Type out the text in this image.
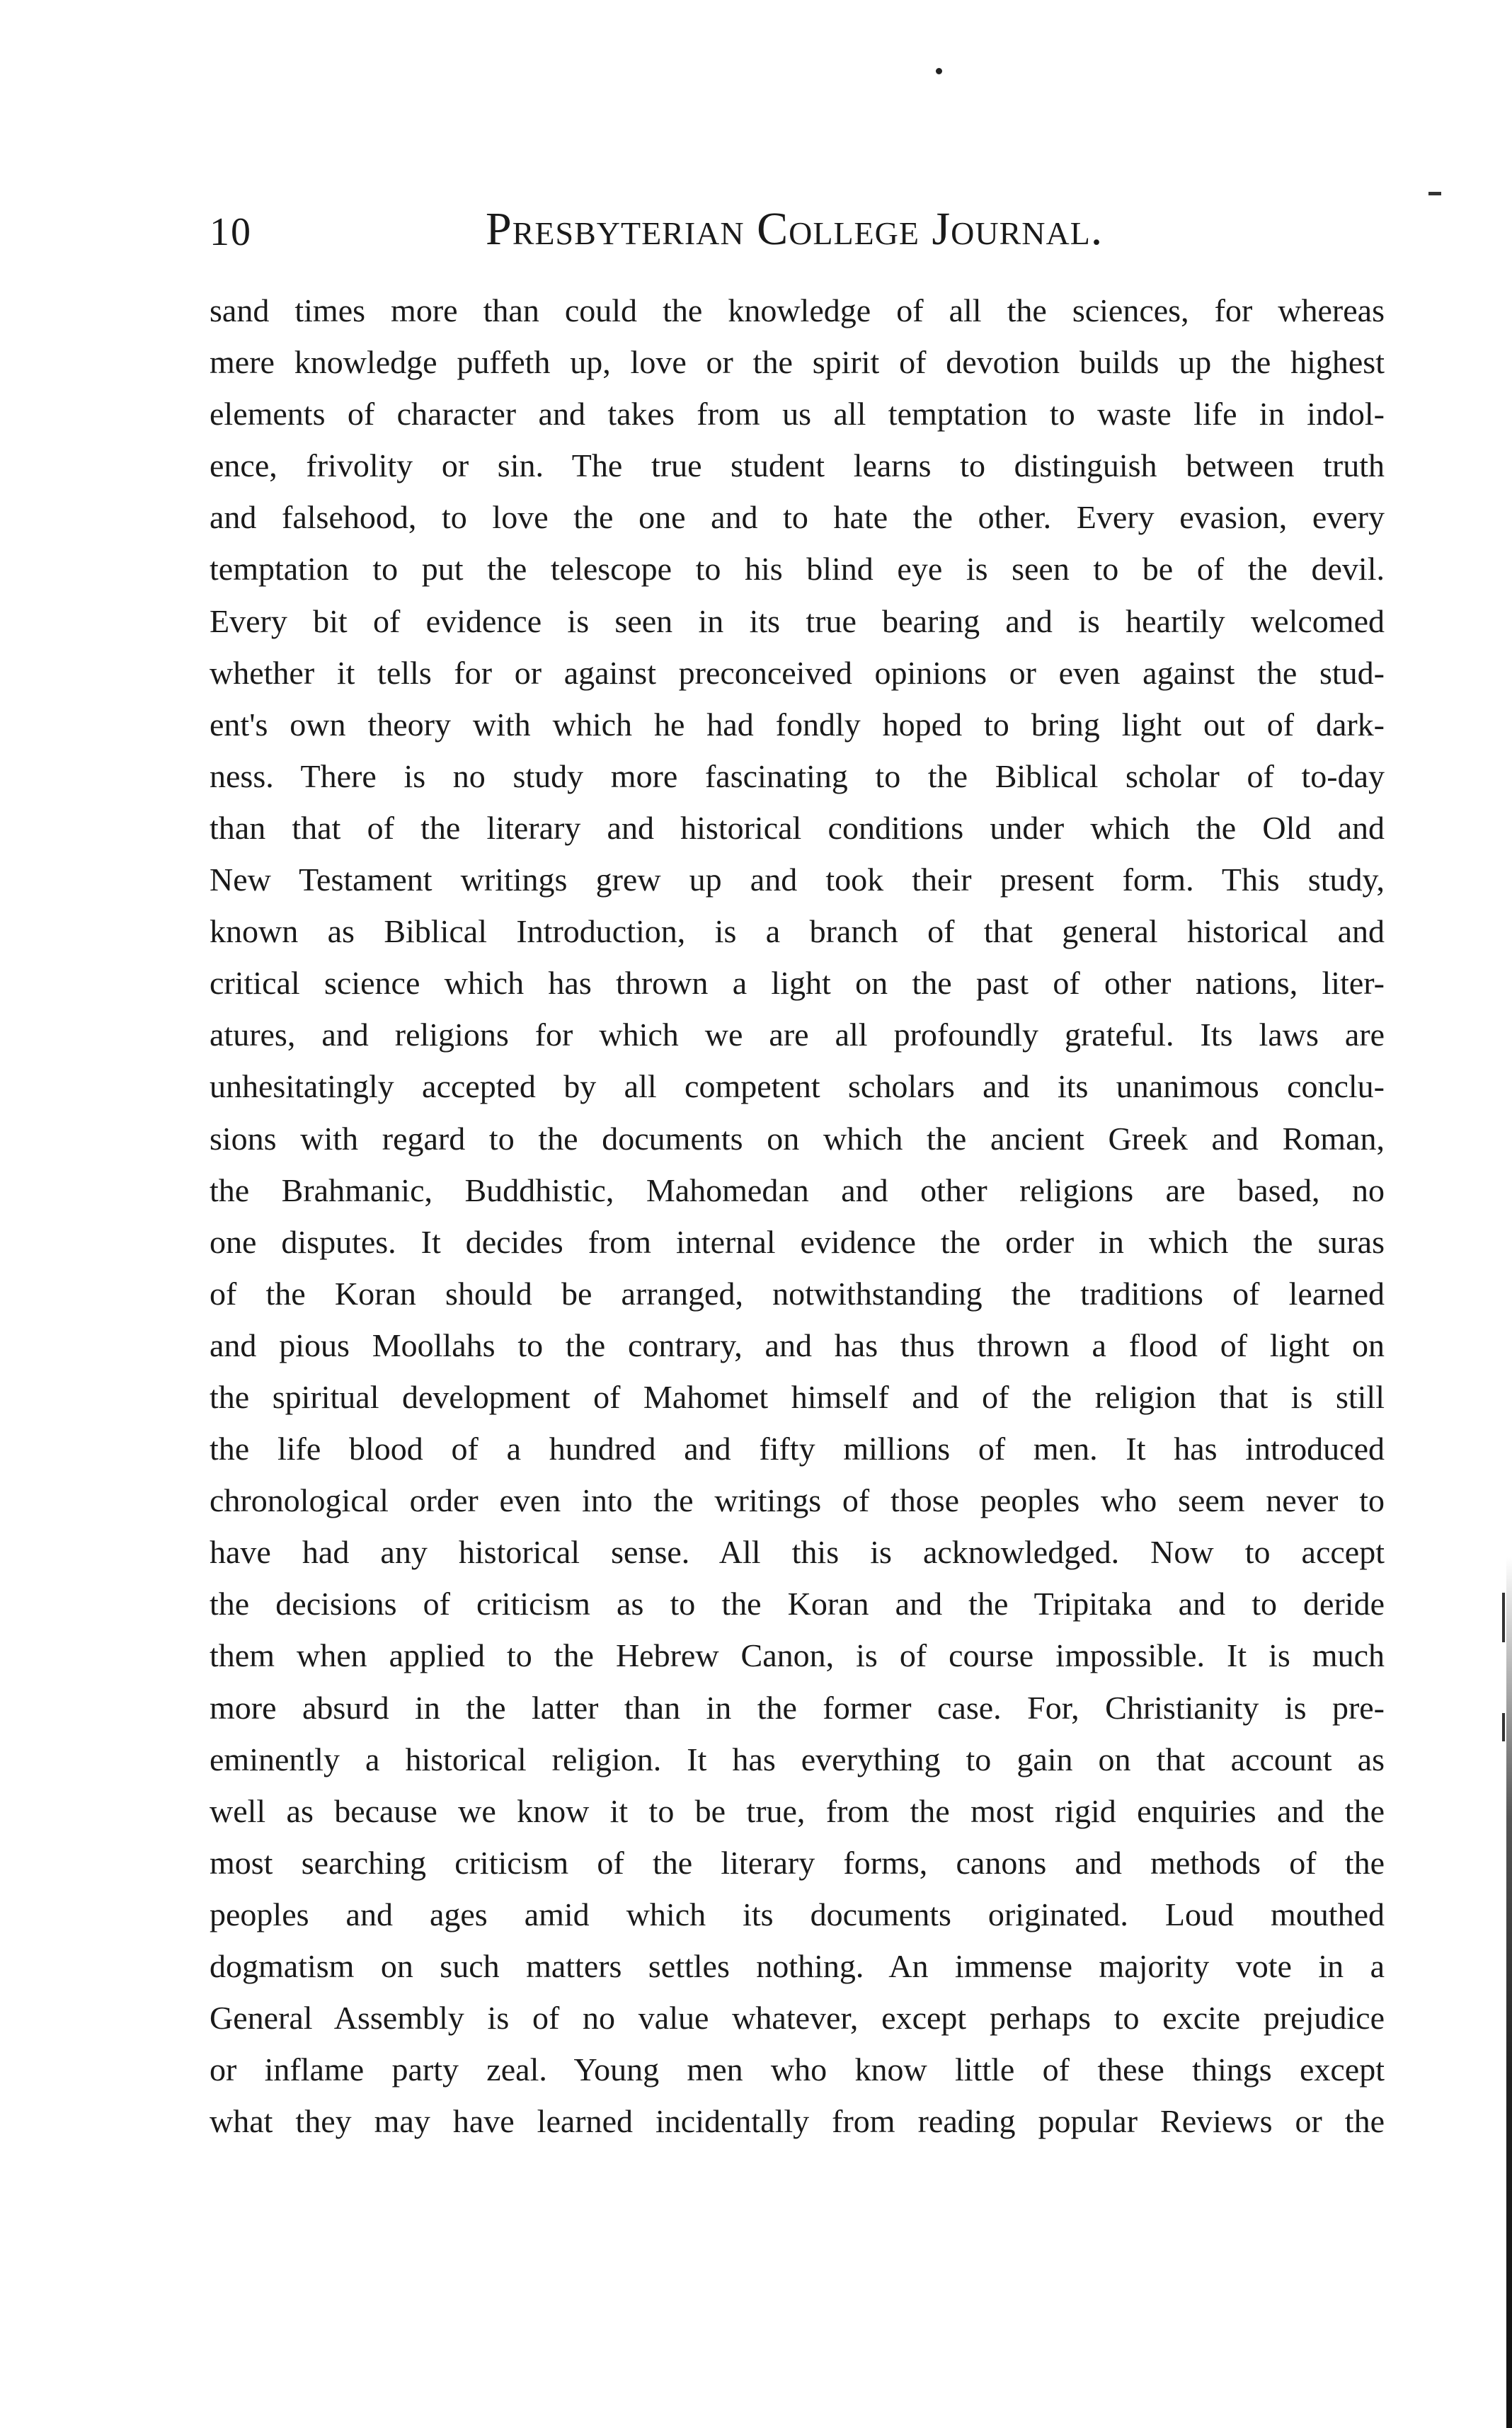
10	Presbyterian College Journal.
sand times more than could the knowledge of all the sciences, for whereas
mere knowledge puffeth up, love or the spirit of devotion builds up the highest
elements of character and takes from us all temptation to waste life in indol-
ence, frivolity or sin. The true student learns to distinguish between truth
and falsehood, to love the one and to hate the other. Every evasion, every
temptation to put the telescope to his blind eye is seen to be of the devil.
Every bit of evidence is seen in its true bearing and is heartily welcomed
whether it tells for or against preconceived opinions or even against the stud-
ent's own theory with which he had fondly hoped to bring light out of dark-
ness. There is no study more fascinating to the Biblical scholar of to-day
than that of the literary and historical conditions under which the Old and
New Testament writings grew up and took their present form. This study,
known as Biblical Introduction, is a branch of that general historical and
critical science which has thrown a light on the past of other nations, liter-
atures, and religions for which we are all profoundly grateful. Its laws are
unhesitatingly accepted by all competent scholars and its unanimous conclu-
sions with regard to the documents on which the ancient Greek and Roman,
the Brahmanic, Buddhistic, Mahomedan and other religions are based, no
one disputes. It decides from internal evidence the order in which the suras
of the Koran should be arranged, notwithstanding the traditions of learned
and pious Moollahs to the contrary, and has thus thrown a flood of light on
the spiritual development of Mahomet himself and of the religion that is still
the life blood of a hundred and fifty millions of men. It has introduced
chronological order even into the writings of those peoples who seem never to
have had any historical sense. All this is acknowledged. Now to accept
the decisions of criticism as to the Koran and the Tripitaka and to deride
them when applied to the Hebrew Canon, is of course impossible. It is much
more absurd in the latter than in the former case. For, Christianity is pre-
eminently a historical religion. It has everything to gain on that account as
well as because we know it to be true, from the most rigid enquiries and the
most searching criticism of the literary forms, canons and methods of the
peoples and ages amid which its documents originated. Loud mouthed
dogmatism on such matters settles nothing. An immense majority vote in a
General Assembly is of no value whatever, except perhaps to excite prejudice
or inflame party zeal. Young men who know little of these things except
what they may have learned incidentally from reading popular Reviews or the
